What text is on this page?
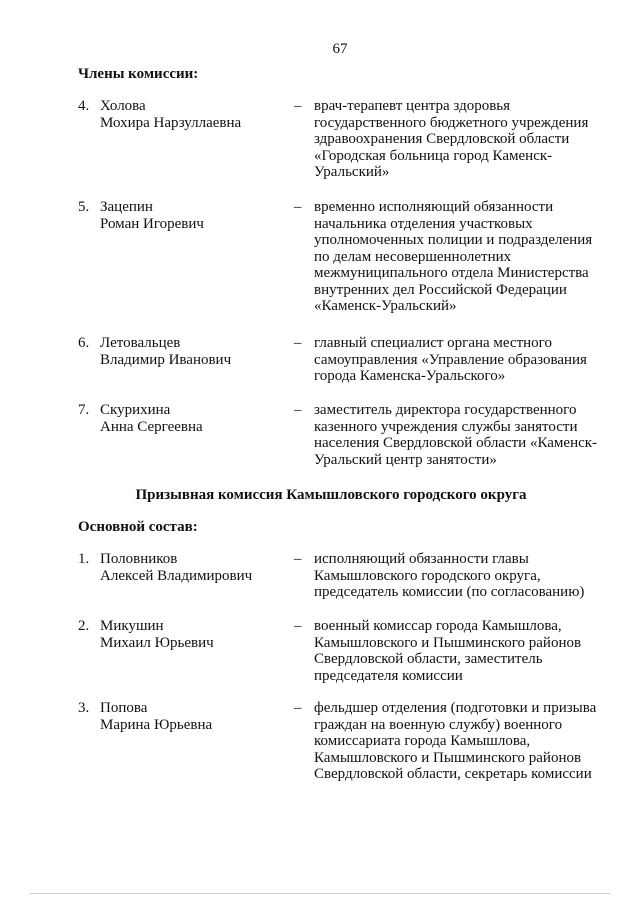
67
Члены комиссии:
4. Холова
Мохира Нарзуллаевна
– врач-терапевт центра здоровья
государственного бюджетного учреждения
здравоохранения Свердловской области
«Городская больница город Каменск-
Уральский»
5. Зацепин
Роман Игоревич
– временно исполняющий обязанности
начальника отделения участковых
уполномоченных полиции и подразделения
по делам несовершеннолетних
межмуниципального отдела Министерства
внутренних дел Российской Федерации
«Каменск-Уральский»
6. Летовальцев
Владимир Иванович
– главный специалист органа местного
самоуправления «Управление образования
города Каменска-Уральского»
7. Скурихина
Анна Сергеевна
– заместитель директора государственного
казенного учреждения службы занятости
населения Свердловской области «Каменск-
Уральский центр занятости»
Призывная комиссия Камышловского городского округа
Основной состав:
1. Половников
Алексей Владимирович
– исполняющий обязанности главы
Камышловского городского округа,
председатель комиссии (по согласованию)
2. Микушин
Михаил Юрьевич
– военный комиссар города Камышлова,
Камышловского и Пышминского районов
Свердловской области, заместитель
председателя комиссии
3. Попова
Марина Юрьевна
– фельдшер отделения (подготовки и призыва
граждан на военную службу) военного
комиссариата города Камышлова,
Камышловского и Пышминского районов
Свердловской области, секретарь комиссии
